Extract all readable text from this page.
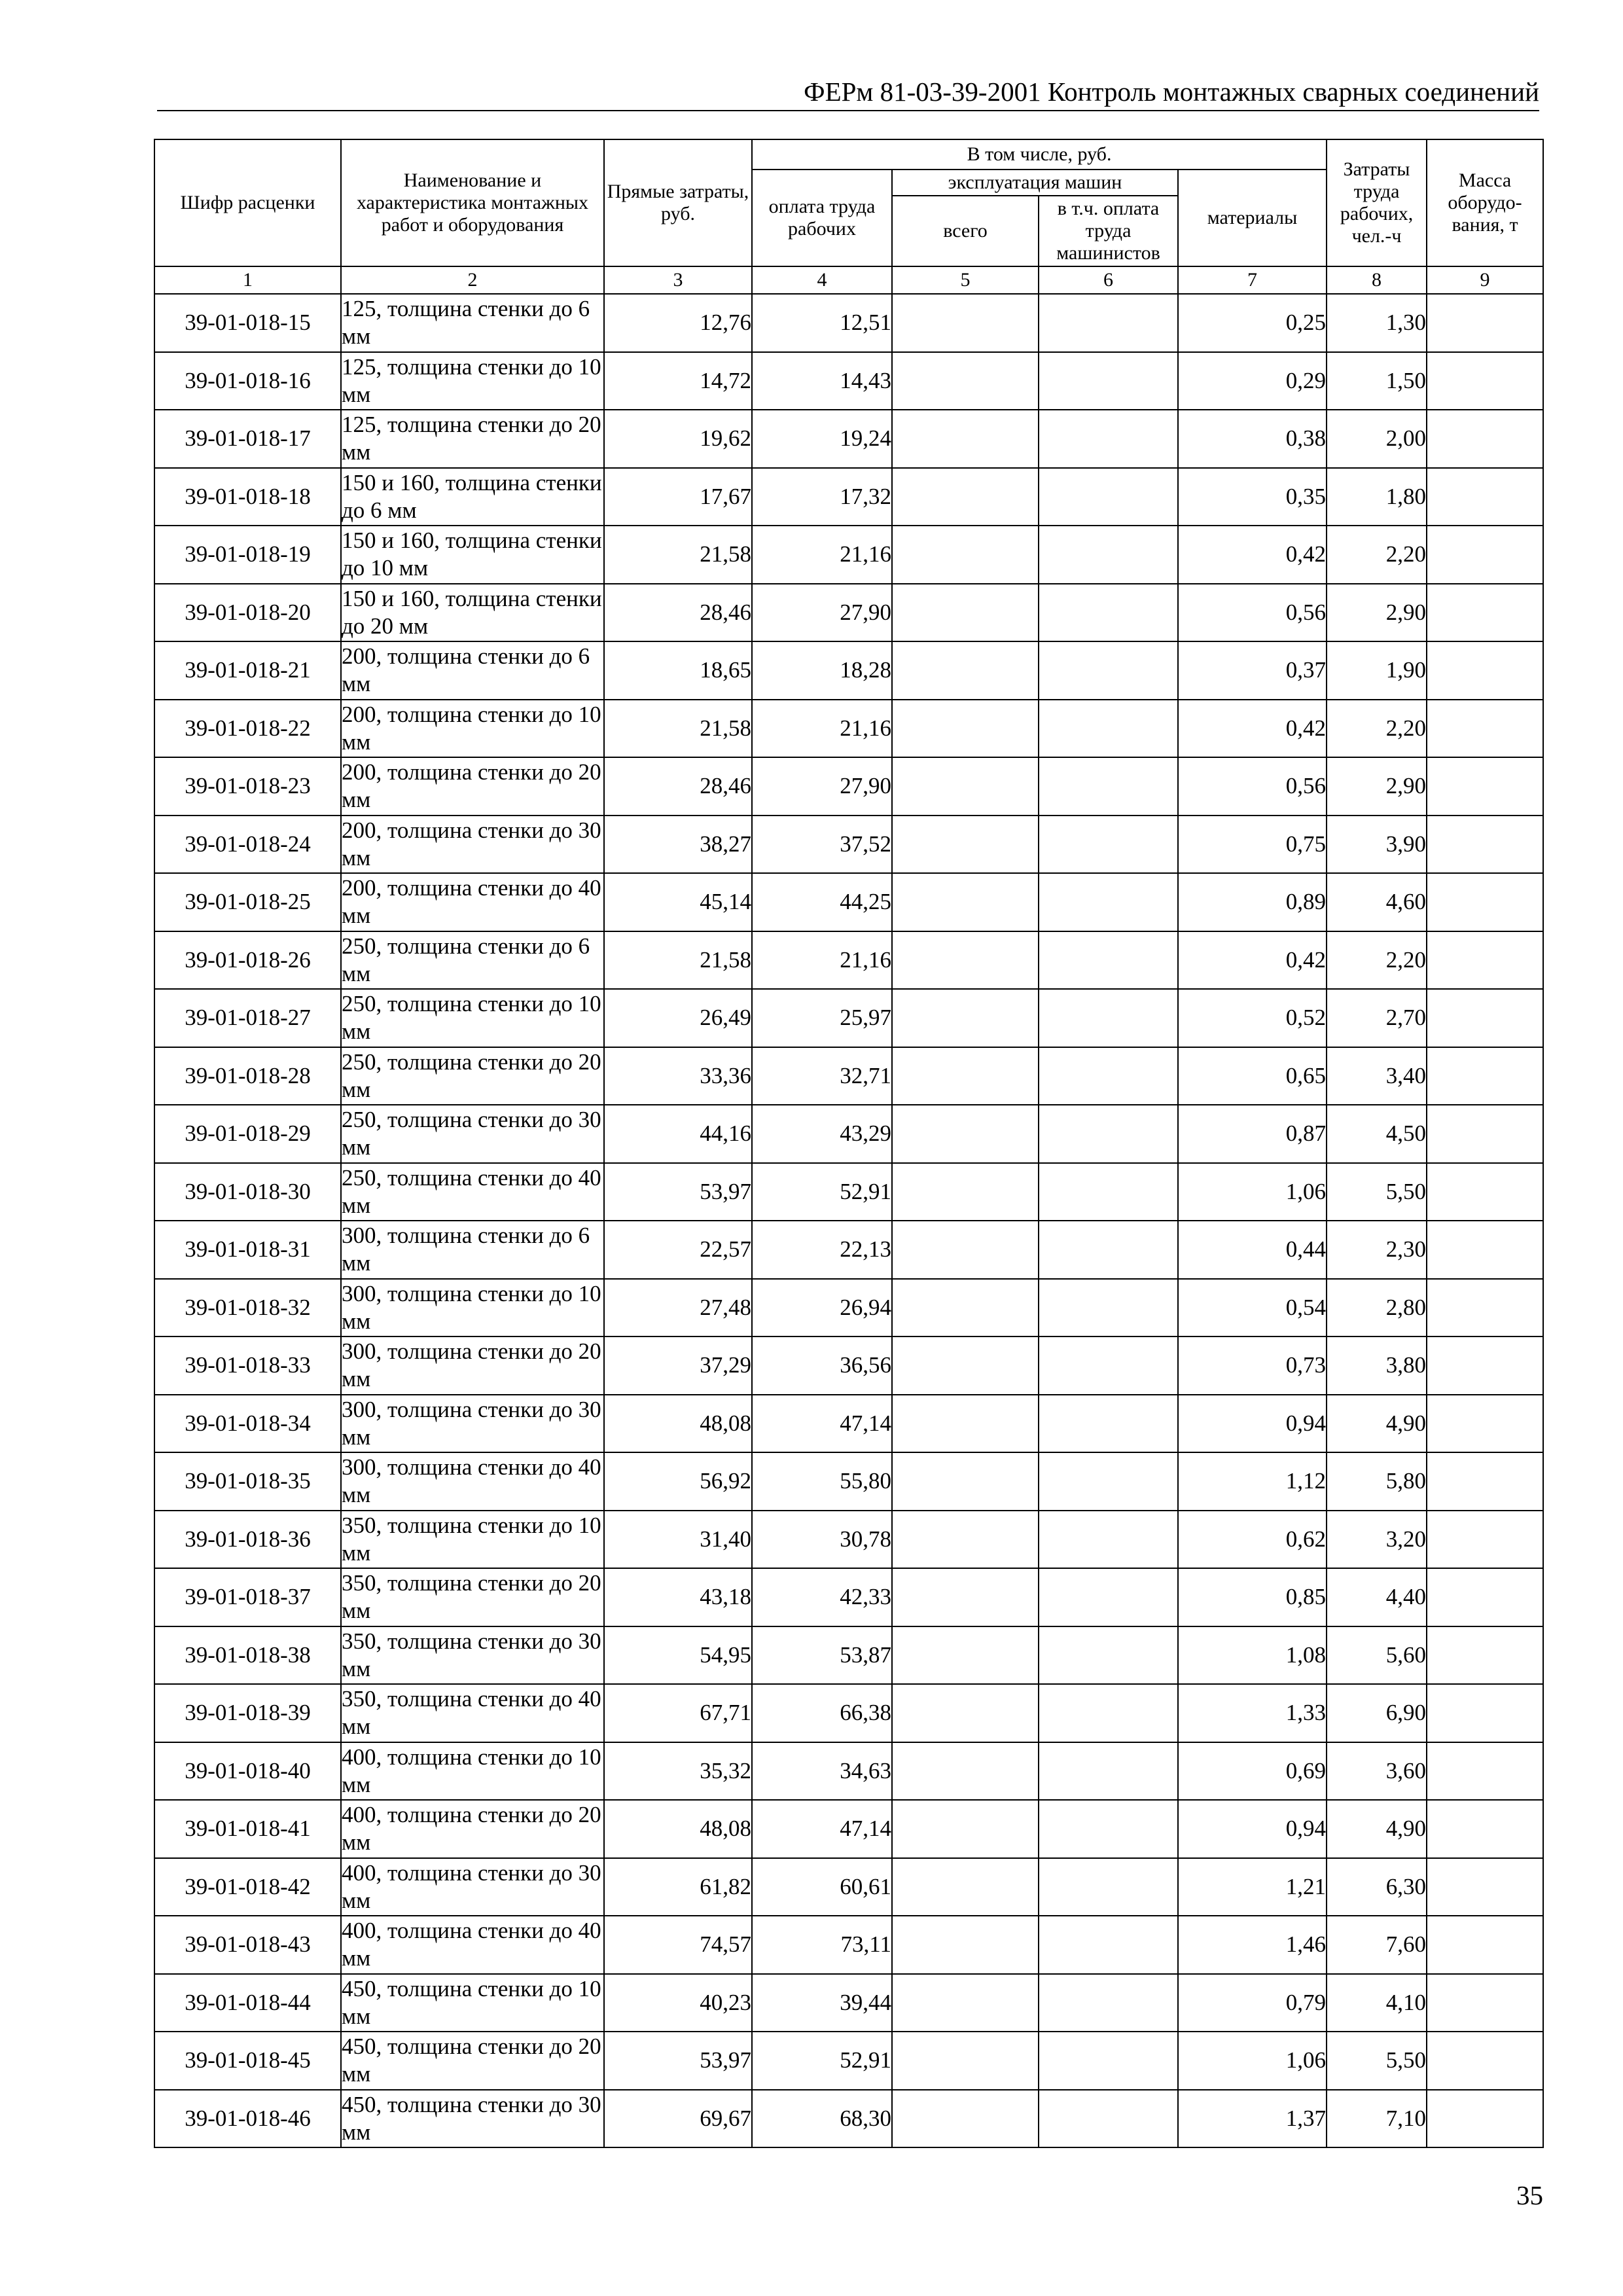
ФЕРм 81-03-39-2001 Контроль монтажных сварных соединений
Шифр расценки	Наименование и характеристика монтажных работ и оборудования	Прямые затраты, руб.	В том числе, руб.				Затраты труда рабочих, чел.-ч	Масса оборудо-вания, т
			оплата труда рабочих	эксплуатация машин		материалы		
				всего	в т.ч. оплата труда машинистов			
1	2	3	4	5	6	7	8	9
39-01-018-15	125, толщина стенки до 6 мм	12,76	12,51			0,25	1,30	
39-01-018-16	125, толщина стенки до 10 мм	14,72	14,43			0,29	1,50	
39-01-018-17	125, толщина стенки до 20 мм	19,62	19,24			0,38	2,00	
39-01-018-18	150 и 160, толщина стенки до 6 мм	17,67	17,32			0,35	1,80	
39-01-018-19	150 и 160, толщина стенки до 10 мм	21,58	21,16			0,42	2,20	
39-01-018-20	150 и 160, толщина стенки до 20 мм	28,46	27,90			0,56	2,90	
39-01-018-21	200, толщина стенки до 6 мм	18,65	18,28			0,37	1,90	
39-01-018-22	200, толщина стенки до 10 мм	21,58	21,16			0,42	2,20	
39-01-018-23	200, толщина стенки до 20 мм	28,46	27,90			0,56	2,90	
39-01-018-24	200, толщина стенки до 30 мм	38,27	37,52			0,75	3,90	
39-01-018-25	200, толщина стенки до 40 мм	45,14	44,25			0,89	4,60	
39-01-018-26	250, толщина стенки до 6 мм	21,58	21,16			0,42	2,20	
39-01-018-27	250, толщина стенки до 10 мм	26,49	25,97			0,52	2,70	
39-01-018-28	250, толщина стенки до 20 мм	33,36	32,71			0,65	3,40	
39-01-018-29	250, толщина стенки до 30 мм	44,16	43,29			0,87	4,50	
39-01-018-30	250, толщина стенки до 40 мм	53,97	52,91			1,06	5,50	
39-01-018-31	300, толщина стенки до 6 мм	22,57	22,13			0,44	2,30	
39-01-018-32	300, толщина стенки до 10 мм	27,48	26,94			0,54	2,80	
39-01-018-33	300, толщина стенки до 20 мм	37,29	36,56			0,73	3,80	
39-01-018-34	300, толщина стенки до 30 мм	48,08	47,14			0,94	4,90	
39-01-018-35	300, толщина стенки до 40 мм	56,92	55,80			1,12	5,80	
39-01-018-36	350, толщина стенки до 10 мм	31,40	30,78			0,62	3,20	
39-01-018-37	350, толщина стенки до 20 мм	43,18	42,33			0,85	4,40	
39-01-018-38	350, толщина стенки до 30 мм	54,95	53,87			1,08	5,60	
39-01-018-39	350, толщина стенки до 40 мм	67,71	66,38			1,33	6,90	
39-01-018-40	400, толщина стенки до 10 мм	35,32	34,63			0,69	3,60	
39-01-018-41	400, толщина стенки до 20 мм	48,08	47,14			0,94	4,90	
39-01-018-42	400, толщина стенки до 30 мм	61,82	60,61			1,21	6,30	
39-01-018-43	400, толщина стенки до 40 мм	74,57	73,11			1,46	7,60	
39-01-018-44	450, толщина стенки до 10 мм	40,23	39,44			0,79	4,10	
39-01-018-45	450, толщина стенки до 20 мм	53,97	52,91			1,06	5,50	
39-01-018-46	450, толщина стенки до 30 мм	69,67	68,30			1,37	7,10	
35
